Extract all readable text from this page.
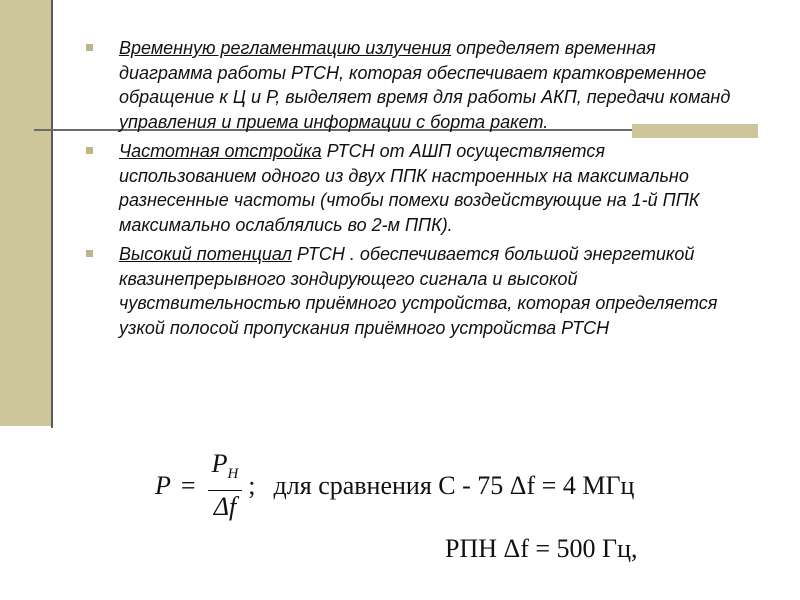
Временную регламентацию излучения определяет временная диаграмма работы РТСН, которая обеспечивает кратковременное обращение к Ц и Р, выделяет время для работы АКП, передачи команд управления и приема информации с борта ракет.
Частотная отстройка РТСН от АШП осуществляется использованием одного из двух ППК настроенных на максимально разнесенные частоты (чтобы помехи воздействующие на 1-й ППК максимально ослаблялись во 2-м ППК).
Высокий потенциал РТСН . обеспечивается большой энергетикой квазинепрерывного зондирующего сигнала и высокой чувствительностью приёмного устройства, которая определяется узкой полосой пропускания приёмного устройства РТСН
$P = \frac{P_H}{\Delta f}$ ; для сравнения С - 75 Δf = 4 МГц
РПН Δf = 500 Гц,
